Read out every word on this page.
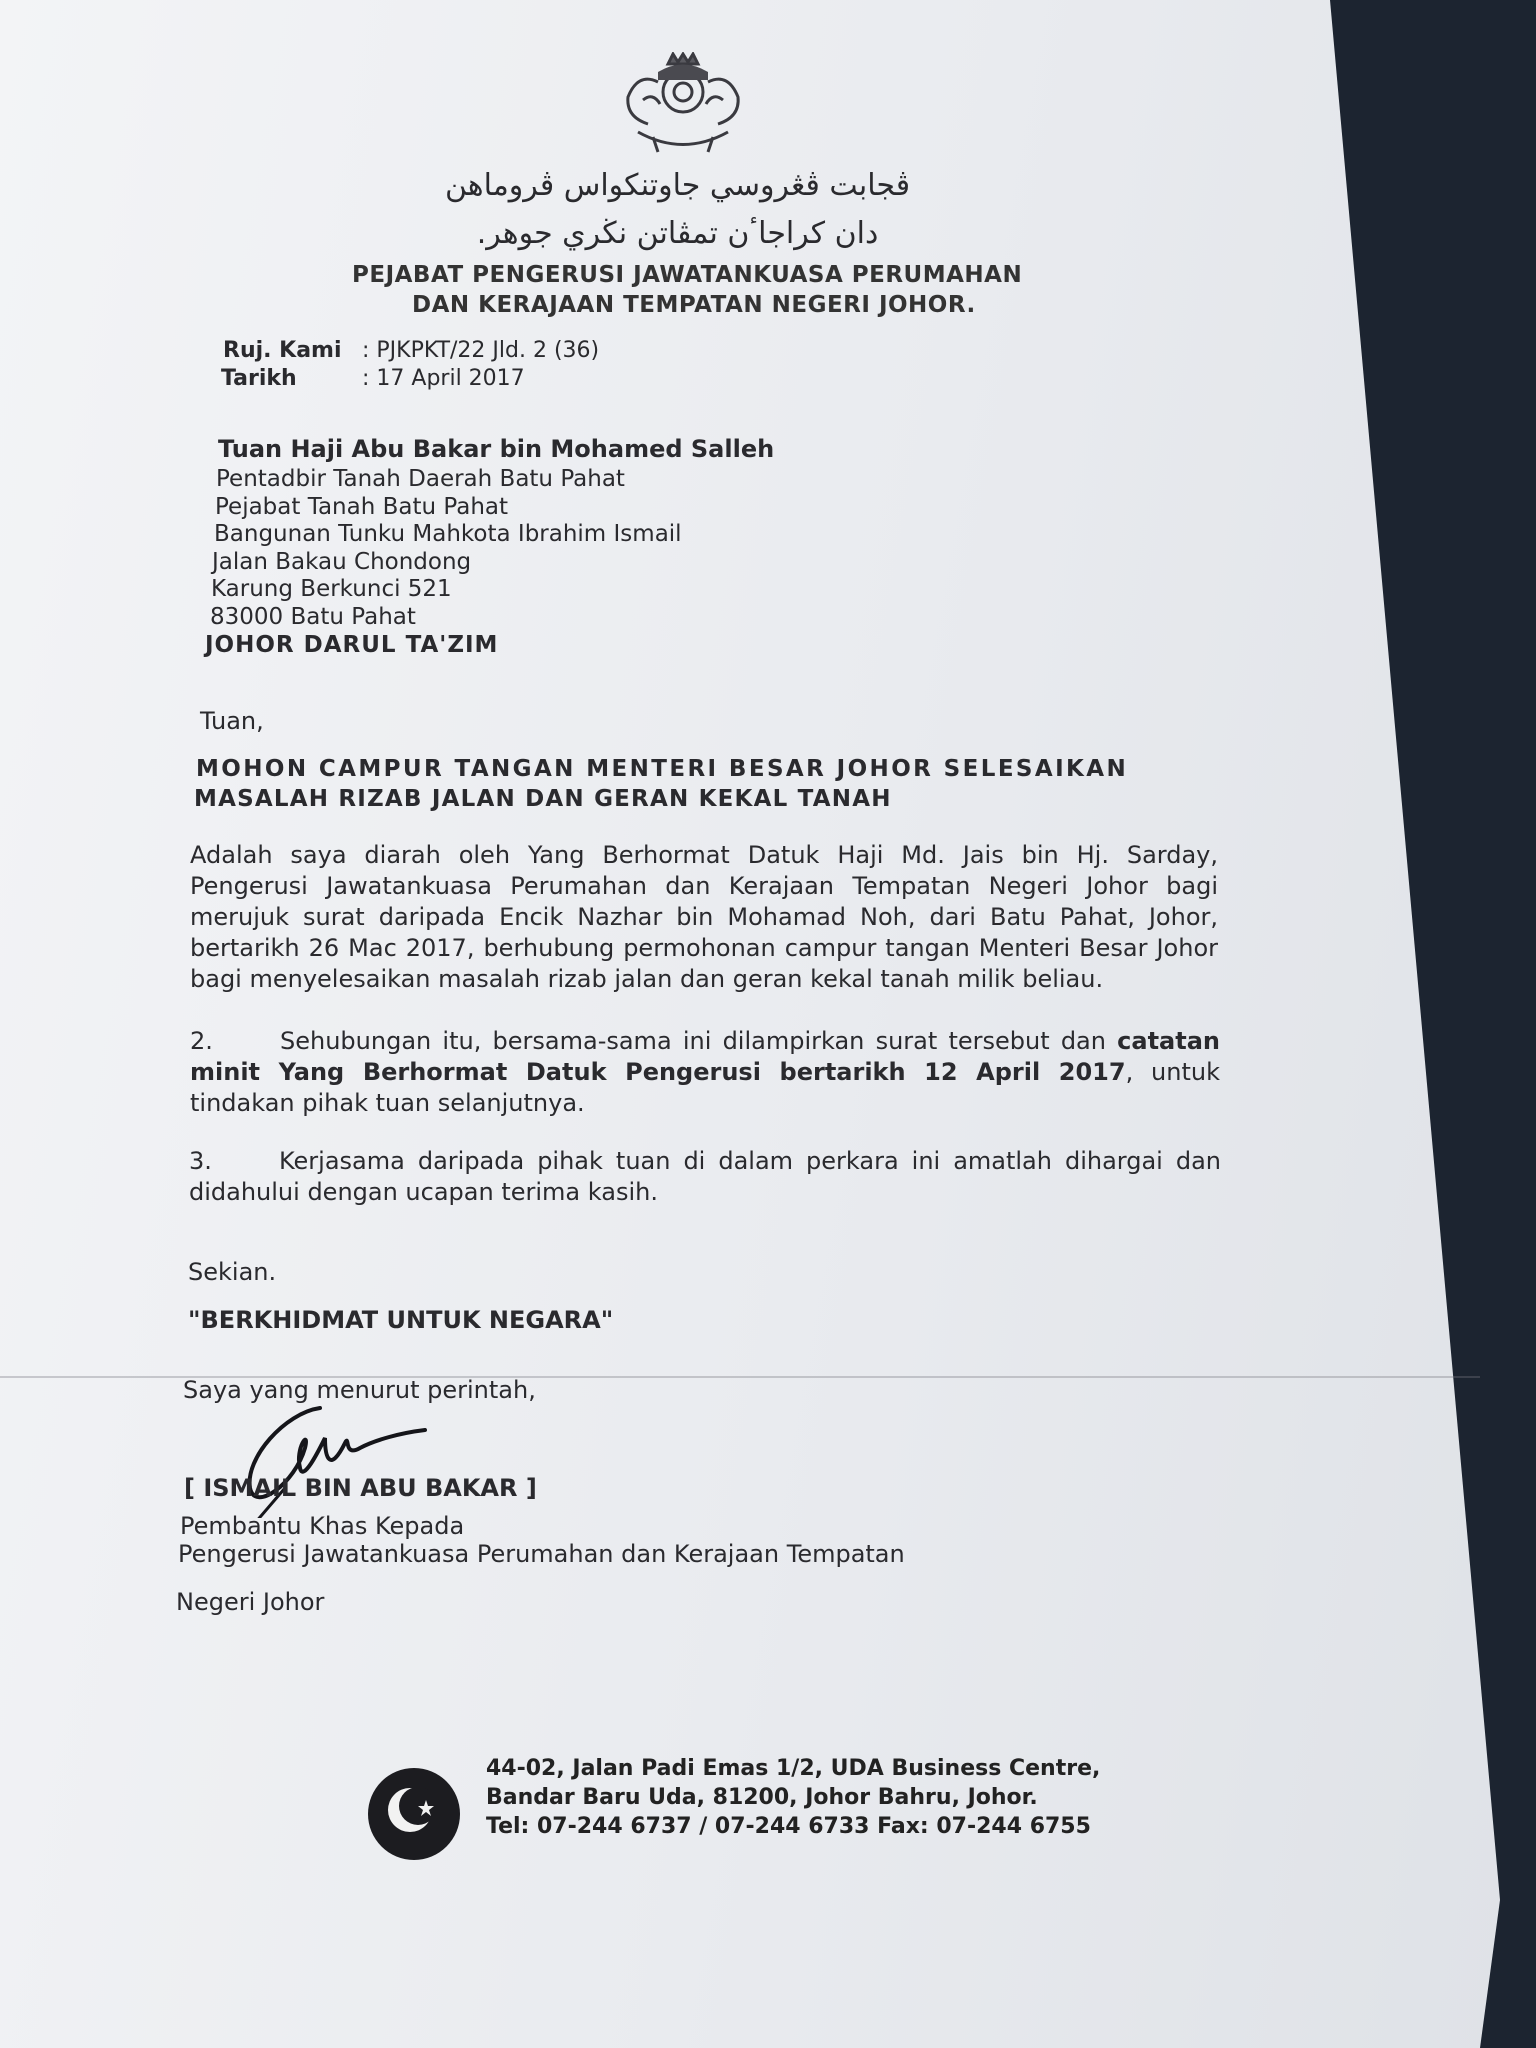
ڤجابت ڤڠروسي جاوتنكواس ڤروماهن
دان كراجاٴن تمڤاتن نڬري جوهر.
PEJABAT PENGERUSI JAWATANKUASA PERUMAHAN
DAN KERAJAAN TEMPATAN NEGERI JOHOR.
Ruj. Kami : PJKPKT/22 Jld. 2 (36)
Tarikh	: 17 April 2017
Tuan Haji Abu Bakar bin Mohamed Salleh
Pentadbir Tanah Daerah Batu Pahat
Pejabat Tanah Batu Pahat
Bangunan Tunku Mahkota Ibrahim Ismail
Jalan Bakau Chondong
Karung Berkunci 521
83000 Batu Pahat
JOHOR DARUL TA'ZIM
Tuan,
MOHON CAMPUR TANGAN MENTERI BESAR JOHOR SELESAIKAN
MASALAH RIZAB JALAN DAN GERAN KEKAL TANAH

Adalah saya diarah oleh Yang Berhormat Datuk Haji Md. Jais bin Hj. Sarday, Pengerusi Jawatankuasa Perumahan dan Kerajaan Tempatan Negeri Johor bagi merujuk surat daripada Encik Nazhar bin Mohamad Noh, dari Batu Pahat, Johor, bertarikh 26 Mac 2017, berhubung permohonan campur tangan Menteri Besar Johor bagi menyelesaikan masalah rizab jalan dan geran kekal tanah milik beliau.

2.	Sehubungan itu, bersama-sama ini dilampirkan surat tersebut dan catatan minit Yang Berhormat Datuk Pengerusi bertarikh 12 April 2017, untuk tindakan pihak tuan selanjutnya.

3.	Kerjasama daripada pihak tuan di dalam perkara ini amatlah dihargai dan didahului dengan ucapan terima kasih.

Sekian.
"BERKHIDMAT UNTUK NEGARA"
Saya yang menurut perintah,
[ ISMAIL BIN ABU BAKAR ]
Pembantu Khas Kepada
Pengerusi Jawatankuasa Perumahan dan Kerajaan Tempatan
Negeri Johor
44-02, Jalan Padi Emas 1/2, UDA Business Centre,
Bandar Baru Uda, 81200, Johor Bahru, Johor.
Tel: 07-244 6737 / 07-244 6733 Fax: 07-244 6755
